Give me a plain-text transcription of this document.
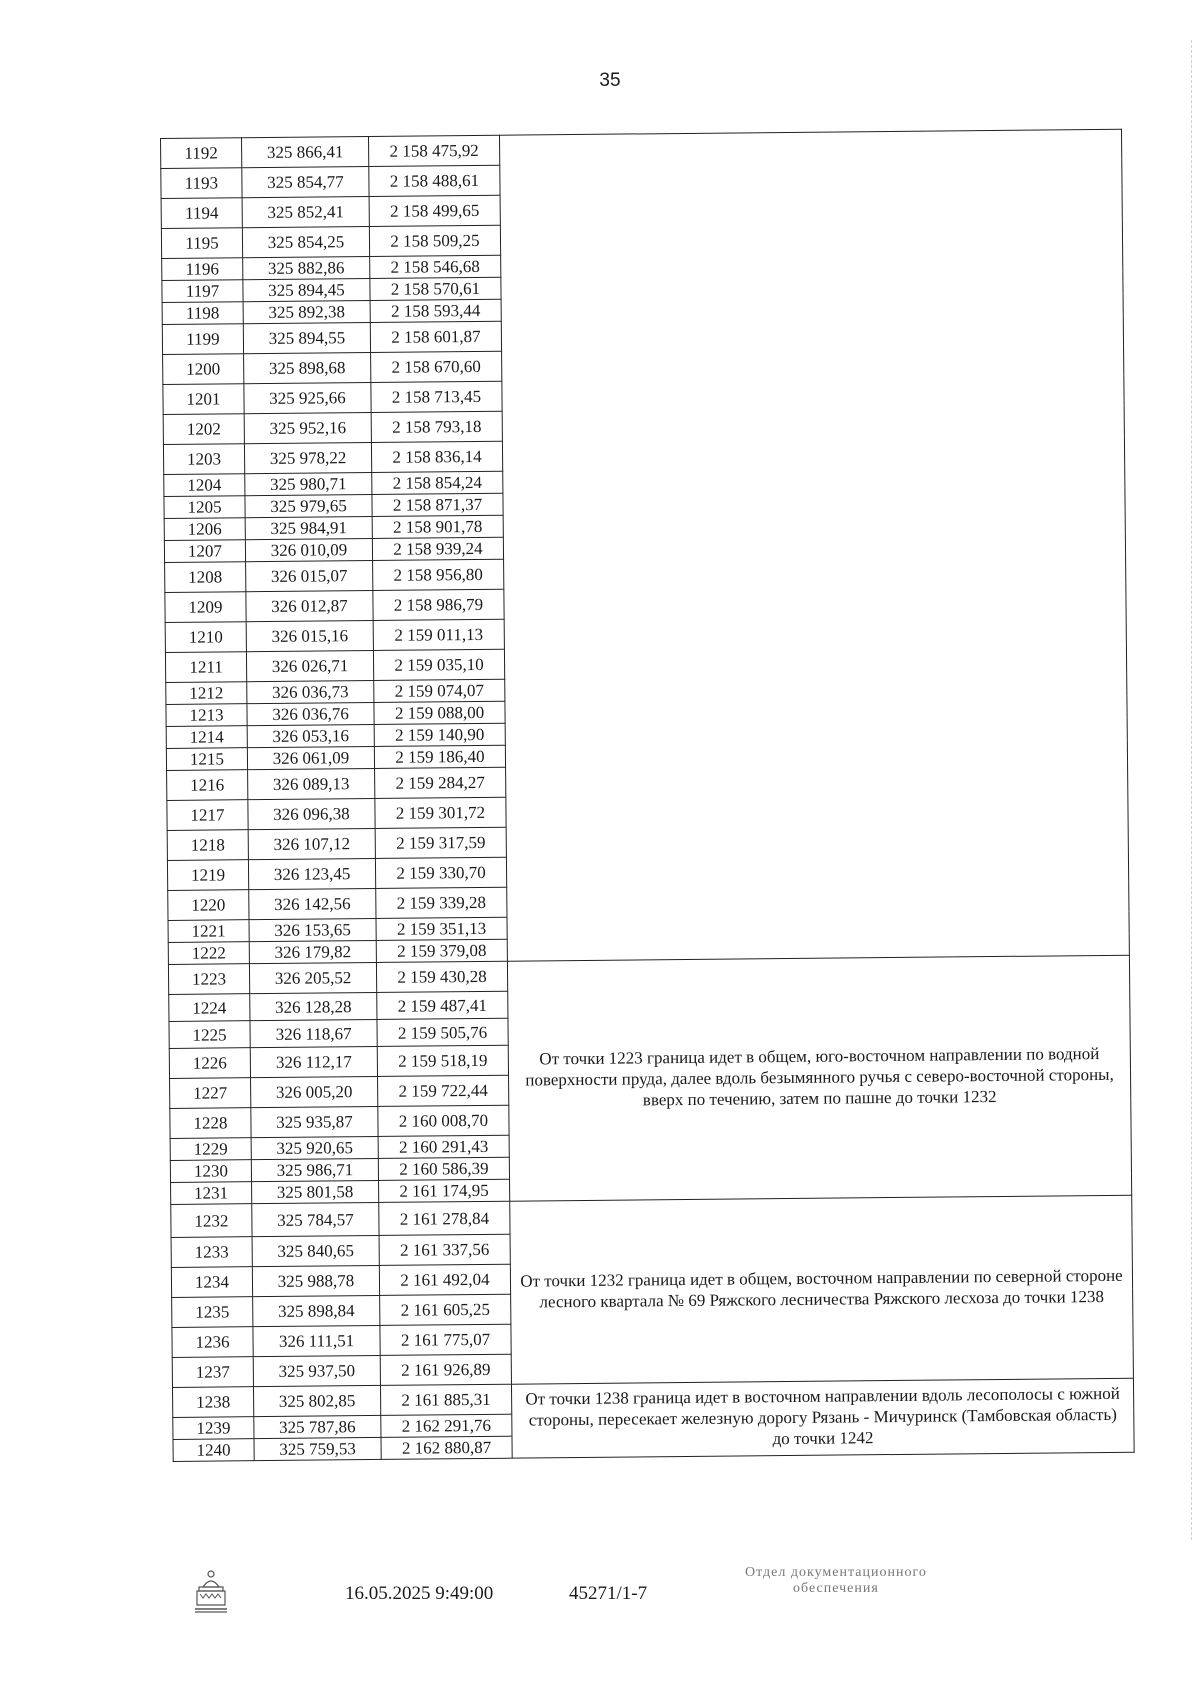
35
1192	325 866,41	2 158 475,92	
1193	325 854,77	2 158 488,61	
1194	325 852,41	2 158 499,65	
1195	325 854,25	2 158 509,25	
1196	325 882,86	2 158 546,68	
1197	325 894,45	2 158 570,61	
1198	325 892,38	2 158 593,44	
1199	325 894,55	2 158 601,87	
1200	325 898,68	2 158 670,60	
1201	325 925,66	2 158 713,45	
1202	325 952,16	2 158 793,18	
1203	325 978,22	2 158 836,14	
1204	325 980,71	2 158 854,24	
1205	325 979,65	2 158 871,37	
1206	325 984,91	2 158 901,78	
1207	326 010,09	2 158 939,24	
1208	326 015,07	2 158 956,80	
1209	326 012,87	2 158 986,79	
1210	326 015,16	2 159 011,13	
1211	326 026,71	2 159 035,10	
1212	326 036,73	2 159 074,07	
1213	326 036,76	2 159 088,00	
1214	326 053,16	2 159 140,90	
1215	326 061,09	2 159 186,40	
1216	326 089,13	2 159 284,27	
1217	326 096,38	2 159 301,72	
1218	326 107,12	2 159 317,59	
1219	326 123,45	2 159 330,70	
1220	326 142,56	2 159 339,28	
1221	326 153,65	2 159 351,13	
1222	326 179,82	2 159 379,08	
1223	326 205,52	2 159 430,28	От точки 1223 граница идет в общем, юго-восточном направлении по водной поверхности пруда, далее вдоль безымянного ручья с северо-восточной стороны, вверх по течению, затем по пашне до точки 1232
1224	326 128,28	2 159 487,41	
1225	326 118,67	2 159 505,76	
1226	326 112,17	2 159 518,19	
1227	326 005,20	2 159 722,44	
1228	325 935,87	2 160 008,70	
1229	325 920,65	2 160 291,43	
1230	325 986,71	2 160 586,39	
1231	325 801,58	2 161 174,95	
1232	325 784,57	2 161 278,84	От точки 1232 граница идет в общем, восточном направлении по северной стороне лесного квартала № 69 Ряжского лесничества Ряжского лесхоза до точки 1238
1233	325 840,65	2 161 337,56	
1234	325 988,78	2 161 492,04	
1235	325 898,84	2 161 605,25	
1236	326 111,51	2 161 775,07	
1237	325 937,50	2 161 926,89	
1238	325 802,85	2 161 885,31	От точки 1238 граница идет в восточном направлении вдоль лесополосы с южной стороны, пересекает железную дорогу Рязань - Мичуринск (Тамбовская область) до точки 1242
1239	325 787,86	2 162 291,76	
1240	325 759,53	2 162 880,87	
16.05.2025 9:49:00	45271/1-7
Отдел документационного
обеспечения
